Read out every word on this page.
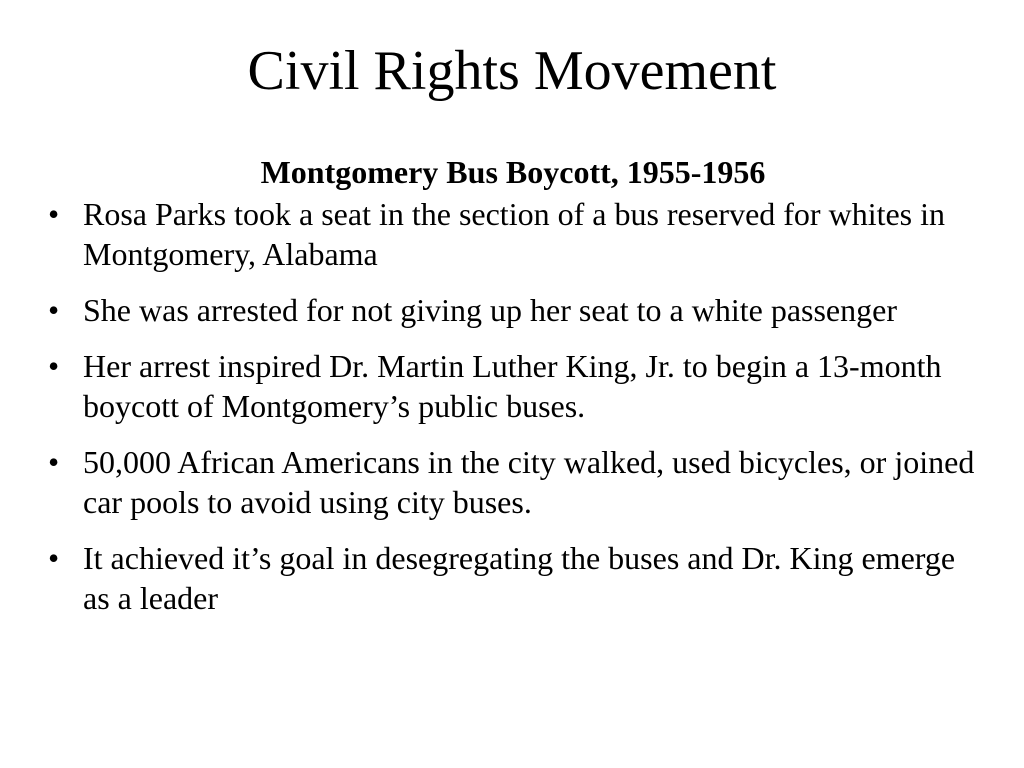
Civil Rights Movement

Montgomery Bus Boycott, 1955-1956

• Rosa Parks took a seat in the section of a bus reserved for whites in Montgomery, Alabama
• She was arrested for not giving up her seat to a white passenger
• Her arrest inspired Dr. Martin Luther King, Jr. to begin a 13-month boycott of Montgomery’s public buses.
• 50,000 African Americans in the city walked, used bicycles, or joined car pools to avoid using city buses.
• It achieved it’s goal in desegregating the buses and Dr. King emerge as a leader
